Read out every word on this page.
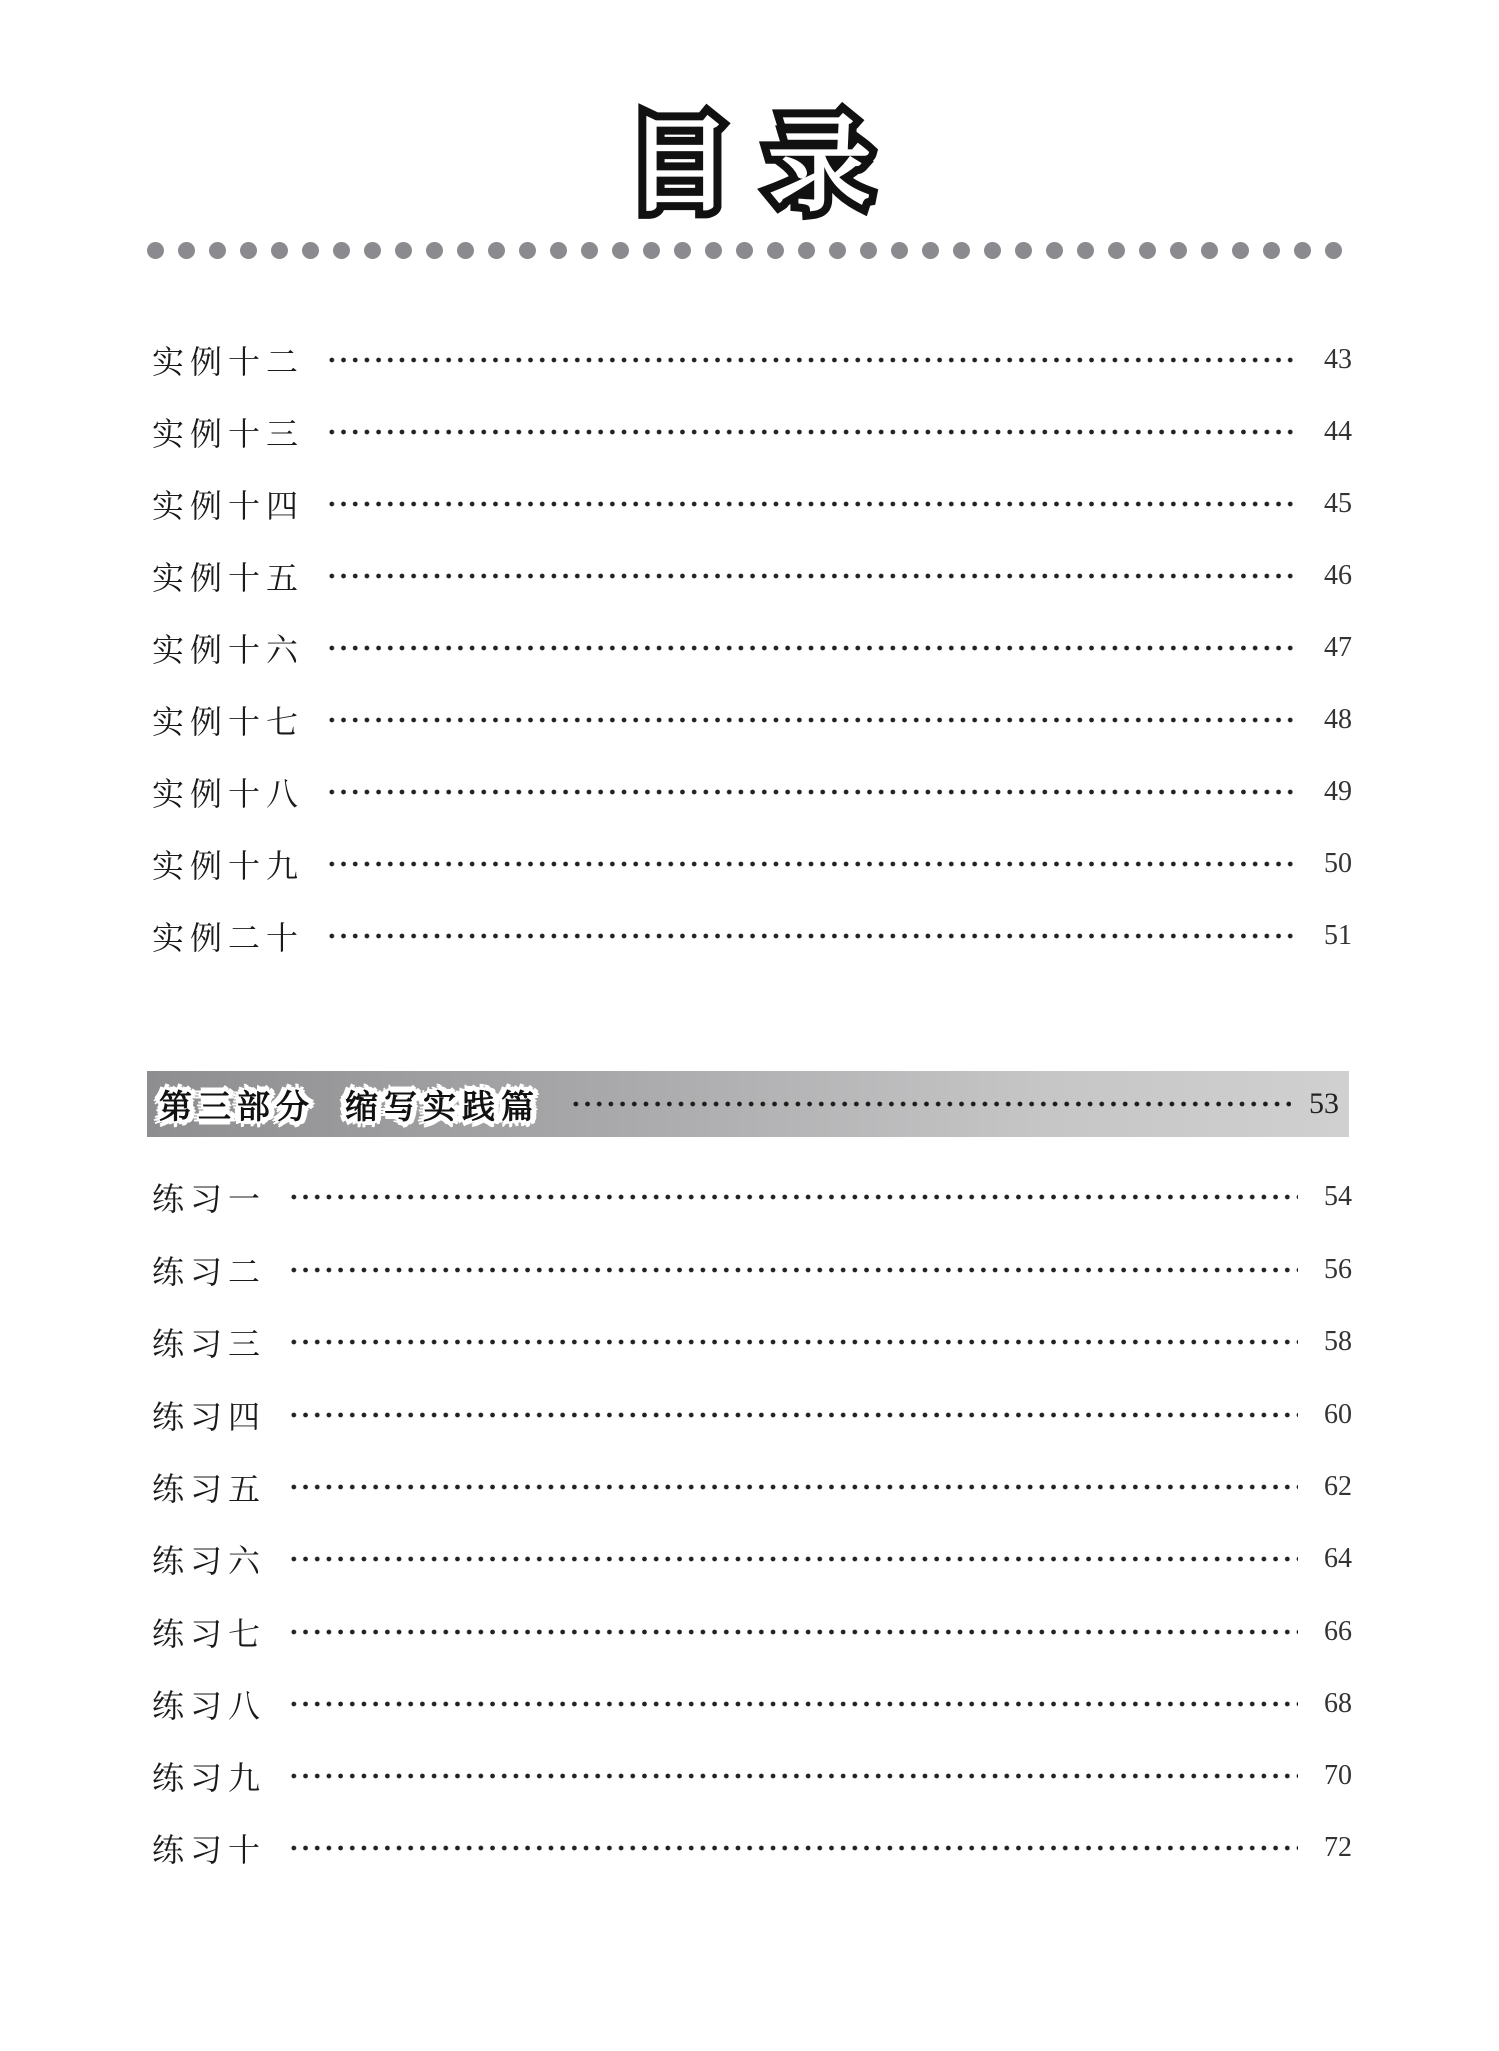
目录
实例十二	43
实例十三	44
实例十四	45
实例十五	46
实例十六	47
实例十七	48
实例十八	49
实例十九	50
实例二十	51
第三部分 缩写实践篇	53
练习一	54
练习二	56
练习三	58
练习四	60
练习五	62
练习六	64
练习七	66
练习八	68
练习九	70
练习十	72
